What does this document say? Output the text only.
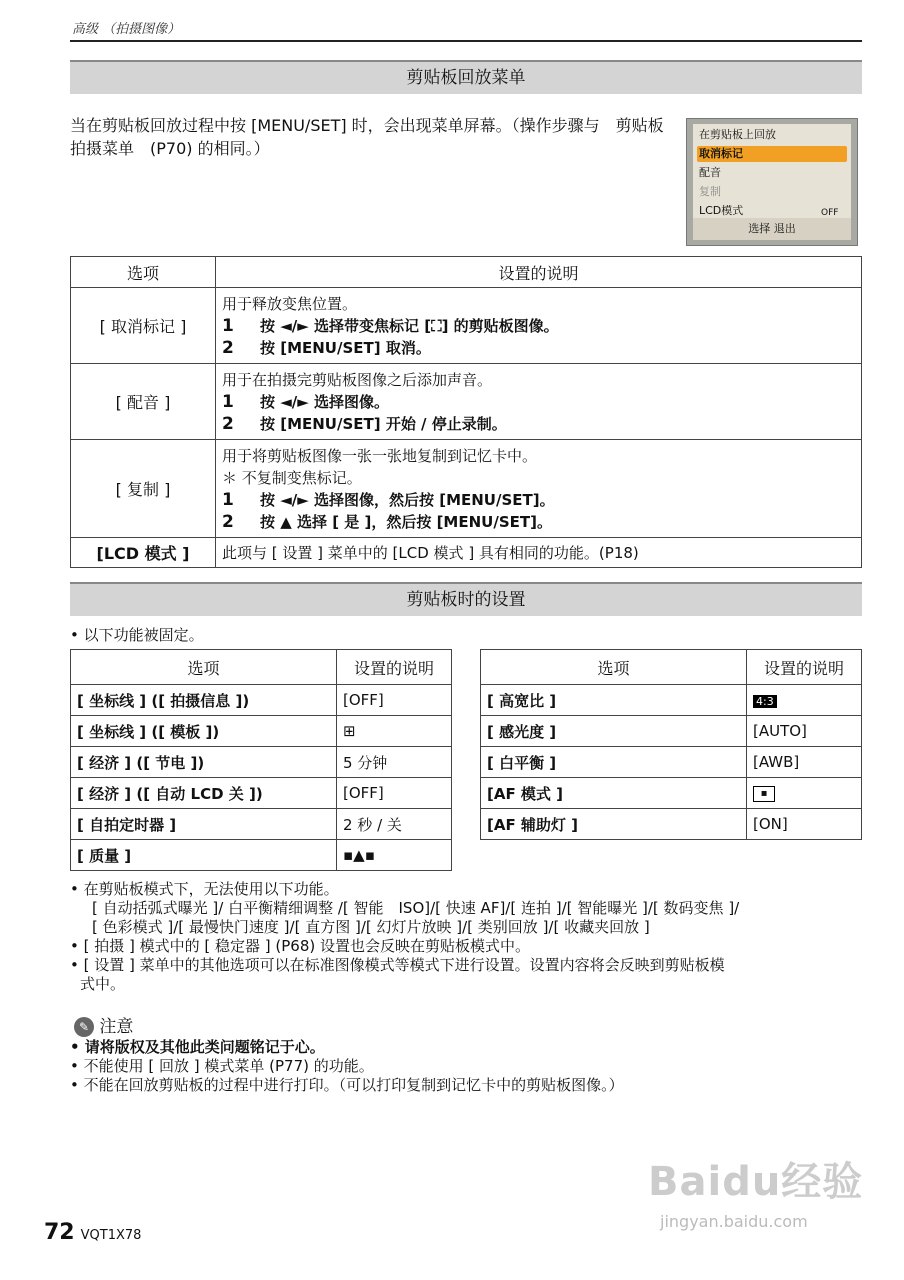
高级 （拍摄图像）
剪贴板回放菜单
当在剪贴板回放过程中按 [MENU/SET] 时，会出现菜单屏幕。（操作步骤与　剪贴板拍摄菜单　(P70) 的相同。）
在剪贴板上回放
取消标记
配音
复制
LCD模式	OFF
选择 退出
选项	设置的说明
[ 取消标记 ]	用于释放变焦位置。
1 按 ◄/► 选择带变焦标记 [⛶] 的剪贴板图像。
2 按 [MENU/SET] 取消。

[ 配音 ]	用于在拍摄完剪贴板图像之后添加声音。
1 按 ◄/► 选择图像。
2 按 [MENU/SET] 开始 / 停止录制。

[ 复制 ]	用于将剪贴板图像一张一张地复制到记忆卡中。
＊ 不复制变焦标记。
1 按 ◄/► 选择图像，然后按 [MENU/SET]。
2 按 ▲ 选择 [ 是 ]，然后按 [MENU/SET]。

[LCD 模式 ]	此项与 [ 设置 ] 菜单中的 [LCD 模式 ] 具有相同的功能。(P18)
剪贴板时的设置
• 以下功能被固定。
选项	设置的说明
[ 坐标线 ] ([ 拍摄信息 ])	[OFF]
[ 坐标线 ] ([ 模板 ])	⊞
[ 经济 ] ([ 节电 ])	5 分钟
[ 经济 ] ([ 自动 LCD 关 ])	[OFF]
[ 自拍定时器 ]	2 秒 / 关
[ 质量 ]	▪▲▪
选项	设置的说明
[ 高宽比 ]	4:3
[ 感光度 ]	[AUTO]
[ 白平衡 ]	[AWB]
[AF 模式 ]	▪
[AF 辅助灯 ]	[ON]
• 在剪贴板模式下，无法使用以下功能。
[ 自动括弧式曝光 ]/ 白平衡精细调整 /[ 智能　ISO]/[ 快速 AF]/[ 连拍 ]/[ 智能曝光 ]/[ 数码变焦 ]/
[ 色彩模式 ]/[ 最慢快门速度 ]/[ 直方图 ]/[ 幻灯片放映 ]/[ 类别回放 ]/[ 收藏夹回放 ]
• [ 拍摄 ] 模式中的 [ 稳定器 ] (P68) 设置也会反映在剪贴板模式中。
• [ 设置 ] 菜单中的其他选项可以在标准图像模式等模式下进行设置。设置内容将会反映到剪贴板模
式中。
✎ 注意
• 请将版权及其他此类问题铭记于心。
• 不能使用 [ 回放 ] 模式菜单 (P77) 的功能。
• 不能在回放剪贴板的过程中进行打印。（可以打印复制到记忆卡中的剪贴板图像。）
Baidu经验
jingyan.baidu.com
72 VQT1X78
